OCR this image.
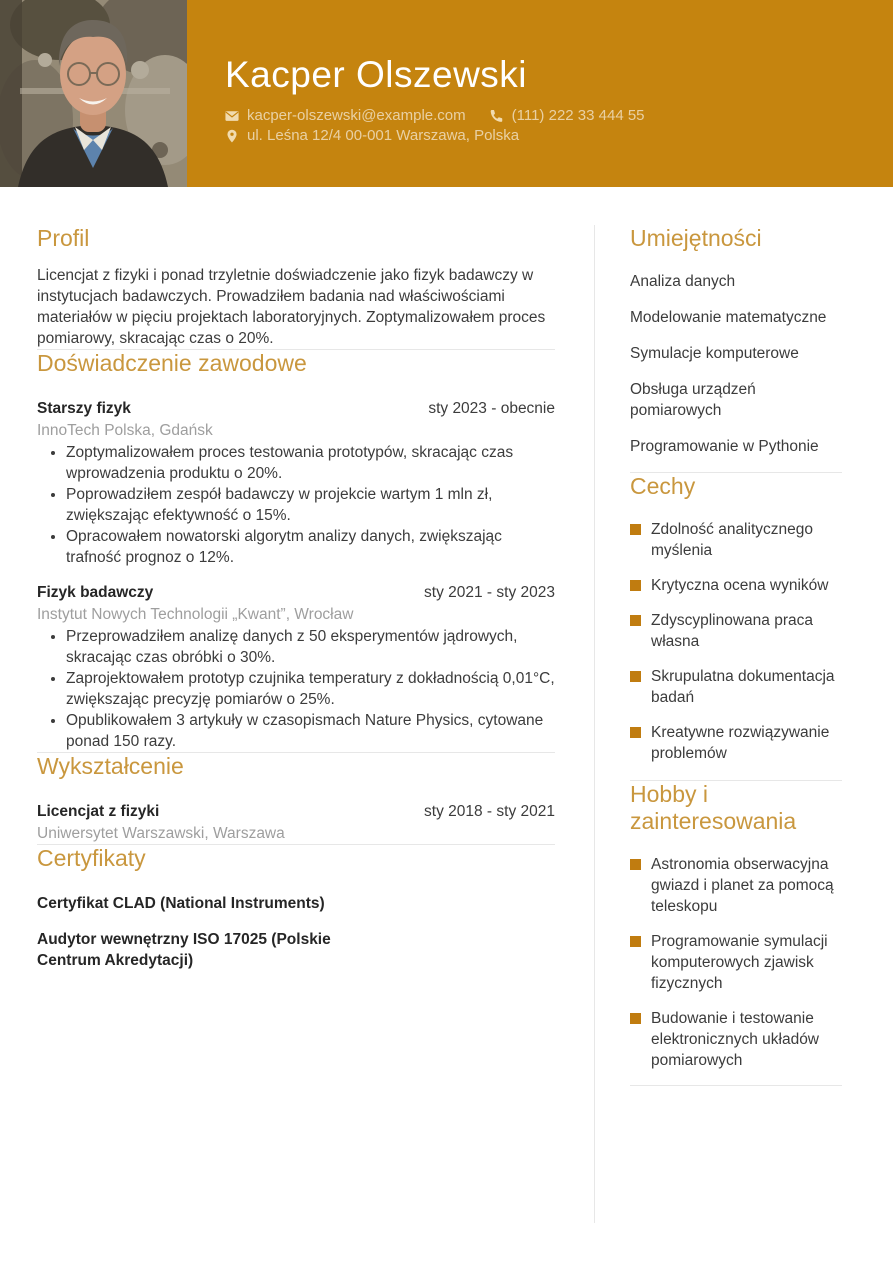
Kacper Olszewski
kacper-olszewski@example.com	(111) 222 33 444 55
ul. Leśna 12/4 00-001 Warszawa, Polska
Profil

Licencjat z fizyki i ponad trzyletnie doświadczenie jako fizyk badawczy w instytucjach badawczych. Prowadziłem badania nad właściwościami materiałów w pięciu projektach laboratoryjnych. Zoptymalizowałem proces pomiarowy, skracając czas o 20%.

Doświadczenie zawodowe
Starszy fizyk	sty 2023 - obecnie
InnoTech Polska, Gdańsk
• Zoptymalizowałem proces testowania prototypów, skracając czas wprowadzenia produktu o 20%.
• Poprowadziłem zespół badawczy w projekcie wartym 1 mln zł, zwiększając efektywność o 15%.
• Opracowałem nowatorski algorytm analizy danych, zwiększając trafność prognoz o 12%.
Fizyk badawczy	sty 2021 - sty 2023
Instytut Nowych Technologii „Kwant”, Wrocław
• Przeprowadziłem analizę danych z 50 eksperymentów jądrowych, skracając czas obróbki o 30%.
• Zaprojektowałem prototyp czujnika temperatury z dokładnością 0,01°C, zwiększając precyzję pomiarów o 25%.
• Opublikowałem 3 artykuły w czasopismach Nature Physics, cytowane ponad 150 razy.
Wykształcenie
Licencjat z fizyki	sty 2018 - sty 2021
Uniwersytet Warszawski, Warszawa
Certyfikaty
Certyfikat CLAD (National Instruments)
Audytor wewnętrzny ISO 17025 (Polskie Centrum Akredytacji)
Umiejętności
Analiza danych
Modelowanie matematyczne
Symulacje komputerowe
Obsługa urządzeń pomiarowych
Programowanie w Pythonie
Cechy
Zdolność analitycznego myślenia
Krytyczna ocena wyników
Zdyscyplinowana praca własna
Skrupulatna dokumentacja badań
Kreatywne rozwiązywanie problemów
Hobby i zainteresowania
Astronomia obserwacyjna gwiazd i planet za pomocą teleskopu
Programowanie symulacji komputerowych zjawisk fizycznych
Budowanie i testowanie elektronicznych układów pomiarowych
